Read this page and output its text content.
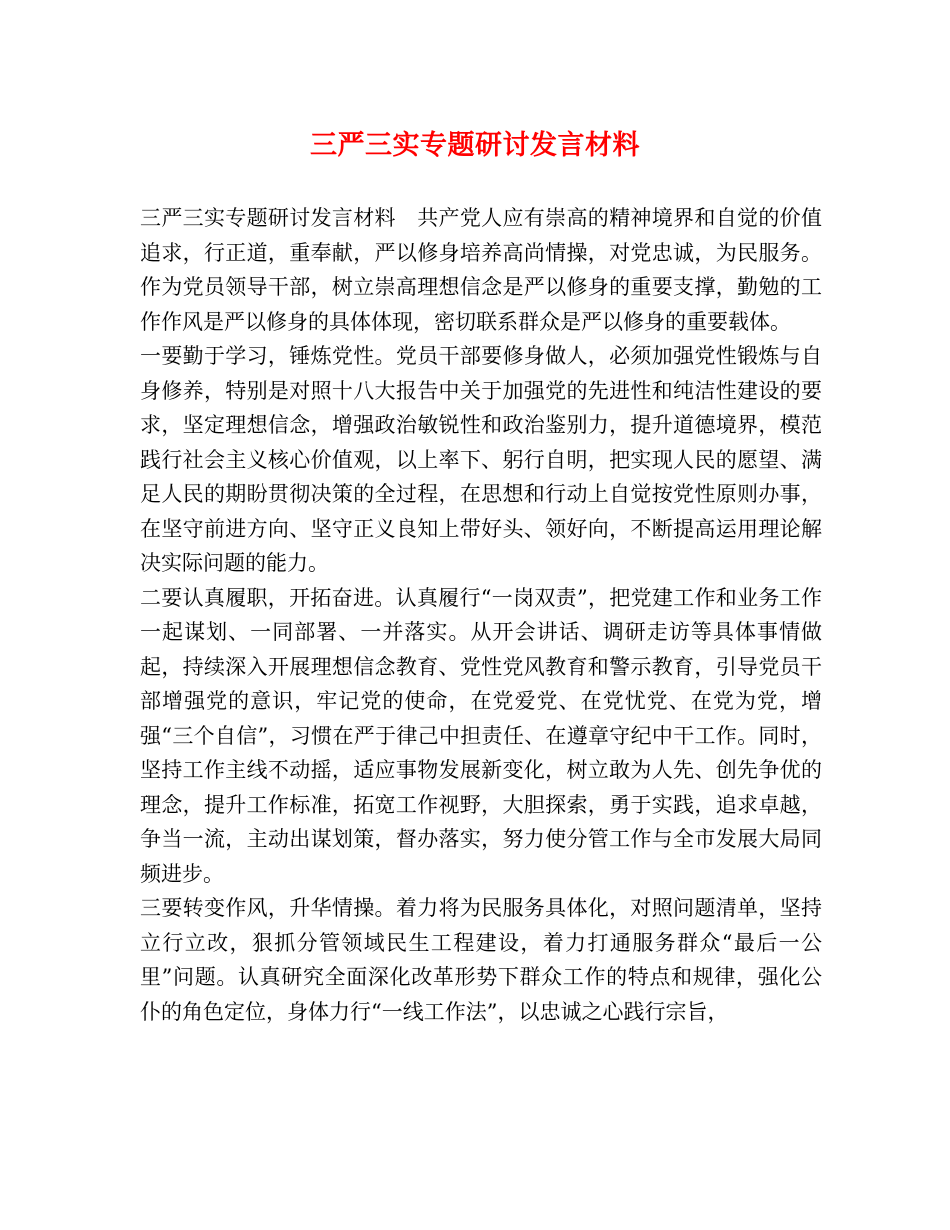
三严三实专题研讨发言材料

三严三实专题研讨发言材料　共产党人应有崇高的精神境界和自觉的价值追求，行正道，重奉献，严以修身培养高尚情操，对党忠诚，为民服务。作为党员领导干部，树立崇高理想信念是严以修身的重要支撑，勤勉的工作作风是严以修身的具体体现，密切联系群众是严以修身的重要载体。

一要勤于学习，锤炼党性。党员干部要修身做人，必须加强党性锻炼与自身修养，特别是对照十八大报告中关于加强党的先进性和纯洁性建设的要求，坚定理想信念，增强政治敏锐性和政治鉴别力，提升道德境界，模范践行社会主义核心价值观，以上率下、躬行自明，把实现人民的愿望、满足人民的期盼贯彻决策的全过程，在思想和行动上自觉按党性原则办事，在坚守前进方向、坚守正义良知上带好头、领好向，不断提高运用理论解决实际问题的能力。

二要认真履职，开拓奋进。认真履行“一岗双责”，把党建工作和业务工作一起谋划、一同部署、一并落实。从开会讲话、调研走访等具体事情做起，持续深入开展理想信念教育、党性党风教育和警示教育，引导党员干部增强党的意识，牢记党的使命，在党爱党、在党忧党、在党为党，增强“三个自信”，习惯在严于律己中担责任、在遵章守纪中干工作。同时，坚持工作主线不动摇，适应事物发展新变化，树立敢为人先、创先争优的理念，提升工作标准，拓宽工作视野，大胆探索，勇于实践，追求卓越，争当一流，主动出谋划策，督办落实，努力使分管工作与全市发展大局同频进步。

三要转变作风，升华情操。着力将为民服务具体化，对照问题清单，坚持立行立改，狠抓分管领域民生工程建设，着力打通服务群众“最后一公里”问题。认真研究全面深化改革形势下群众工作的特点和规律，强化公仆的角色定位，身体力行“一线工作法”，以忠诚之心践行宗旨，
